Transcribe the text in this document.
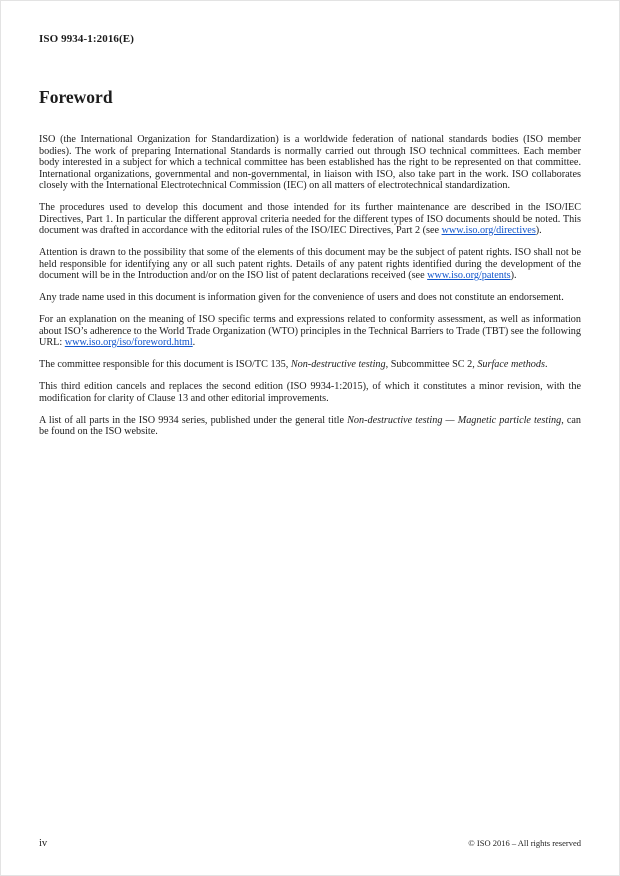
ISO 9934-1:2016(E)
Foreword

ISO (the International Organization for Standardization) is a worldwide federation of national standards bodies (ISO member bodies). The work of preparing International Standards is normally carried out through ISO technical committees. Each member body interested in a subject for which a technical committee has been established has the right to be represented on that committee. International organizations, governmental and non-governmental, in liaison with ISO, also take part in the work. ISO collaborates closely with the International Electrotechnical Commission (IEC) on all matters of electrotechnical standardization.

The procedures used to develop this document and those intended for its further maintenance are described in the ISO/IEC Directives, Part 1. In particular the different approval criteria needed for the different types of ISO documents should be noted. This document was drafted in accordance with the editorial rules of the ISO/IEC Directives, Part 2 (see www.iso.org/directives).

Attention is drawn to the possibility that some of the elements of this document may be the subject of patent rights. ISO shall not be held responsible for identifying any or all such patent rights. Details of any patent rights identified during the development of the document will be in the Introduction and/or on the ISO list of patent declarations received (see www.iso.org/patents).

Any trade name used in this document is information given for the convenience of users and does not constitute an endorsement.

For an explanation on the meaning of ISO specific terms and expressions related to conformity assessment, as well as information about ISO’s adherence to the World Trade Organization (WTO) principles in the Technical Barriers to Trade (TBT) see the following URL: www.iso.org/iso/foreword.html.

The committee responsible for this document is ISO/TC 135, Non-destructive testing, Subcommittee SC 2, Surface methods.

This third edition cancels and replaces the second edition (ISO 9934-1:2015), of which it constitutes a minor revision, with the modification for clarity of Clause 13 and other editorial improvements.

A list of all parts in the ISO 9934 series, published under the general title Non-destructive testing — Magnetic particle testing, can be found on the ISO website.

iv	© ISO 2016 – All rights reserved
